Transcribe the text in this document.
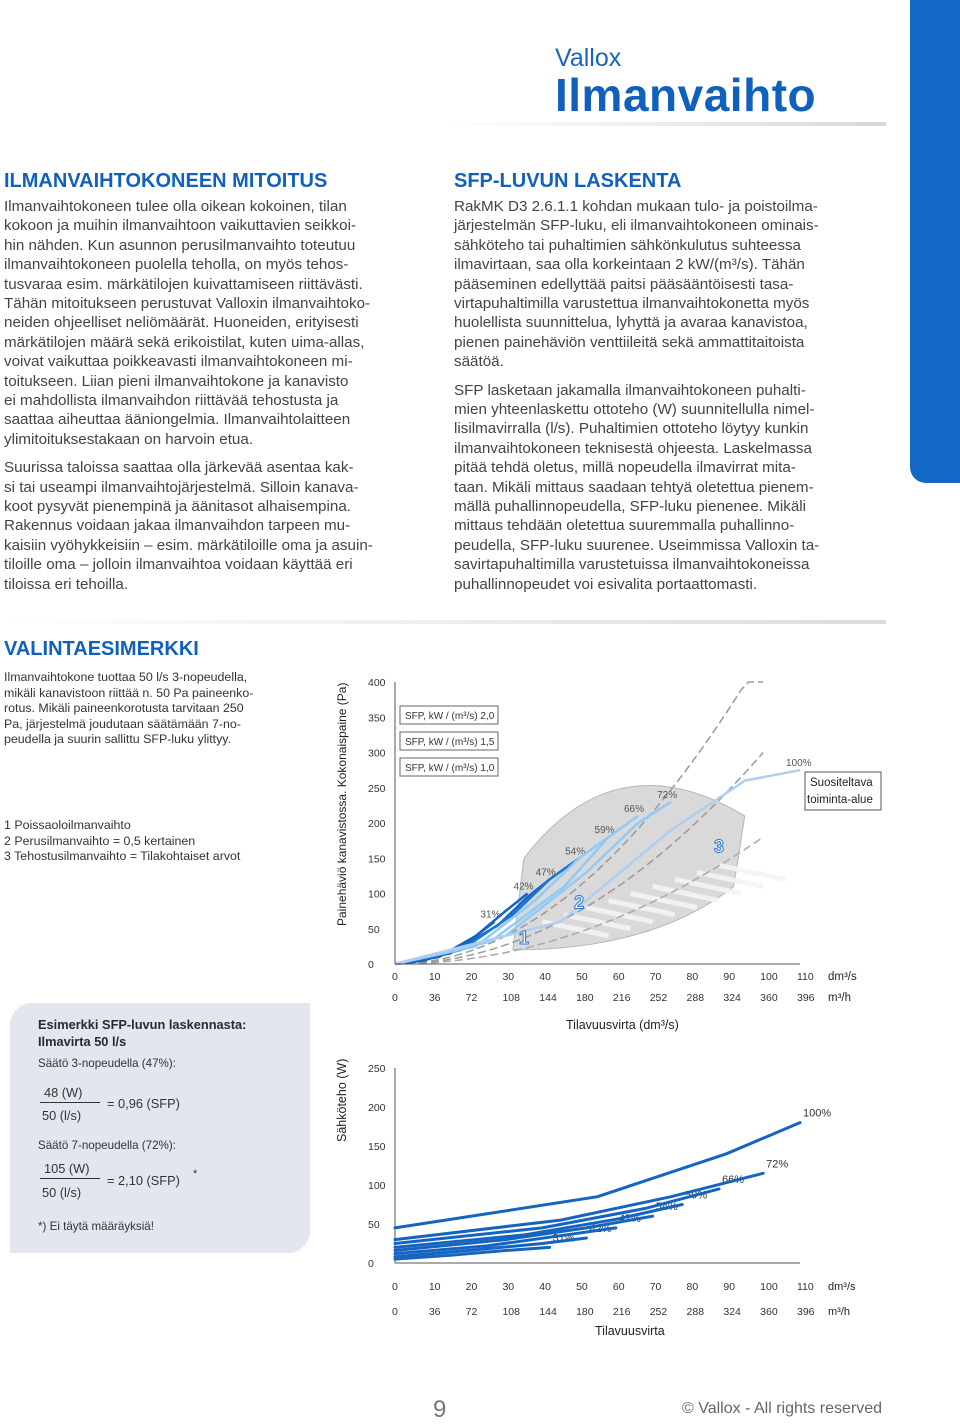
Vallox
Ilmanvaihto
ILMANVAIHTOKONEEN MITOITUS
Ilmanvaihtokoneen tulee olla oikean kokoinen, tilan
kokoon ja muihin ilmanvaihtoon vaikuttavien seikkoi-
hin nähden. Kun asunnon perusilmanvaihto toteutuu
ilmanvaihtokoneen puolella teholla, on myös tehos-
tusvaraa esim. märkätilojen kuivattamiseen riittävästi.
Tähän mitoitukseen perustuvat Valloxin ilmanvaihtoko-
neiden ohjeelliset neliömäärät. Huoneiden, erityisesti
märkätilojen määrä sekä erikoistilat, kuten uima-allas,
voivat vaikuttaa poikkeavasti ilmanvaihtokoneen mi-
toitukseen. Liian pieni ilmanvaihtokone ja kanavisto
ei mahdollista ilmanvaihdon riittävää tehostusta ja
saattaa aiheuttaa ääniongelmia. Ilmanvaihtolaitteen
ylimitoituksestakaan on harvoin etua.
Suurissa taloissa saattaa olla järkevää asentaa kak-
si tai useampi ilmanvaihtojärjestelmä. Silloin kanava-
koot pysyvät pienempinä ja äänitasot alhaisempina.
Rakennus voidaan jakaa ilmanvaihdon tarpeen mu-
kaisiin vyöhykkeisiin – esim. märkätiloille oma ja asuin-
tiloille oma – jolloin ilmanvaihtoa voidaan käyttää eri
tiloissa eri tehoilla.
SFP-LUVUN LASKENTA
RakMK D3 2.6.1.1 kohdan mukaan tulo- ja poistoilma-
järjestelmän SFP-luku, eli ilmanvaihtokoneen ominais-
sähköteho tai puhaltimien sähkönkulutus suhteessa
ilmavirtaan, saa olla korkeintaan 2 kW/(m³/s). Tähän
pääseminen edellyttää paitsi pääsääntöisesti tasa-
virtapuhaltimilla varustettua ilmanvaihtokonetta myös
huolellista suunnittelua, lyhyttä ja avaraa kanavistoa,
pienen painehäviön venttiileitä sekä ammattitaitoista
säätöä.
SFP lasketaan jakamalla ilmanvaihtokoneen puhalti-
mien yhteenlaskettu ottoteho (W) suunnitellulla nimel-
lisilmavirralla (l/s). Puhaltimien ottoteho löytyy kunkin
ilmanvaihtokoneen teknisestä ohjeesta. Laskelmassa
pitää tehdä oletus, millä nopeudella ilmavirrat mita-
taan. Mikäli mittaus saadaan tehtyä oletettua pienem-
mällä puhallinnopeudella, SFP-luku pienenee. Mikäli
mittaus tehdään oletettua suuremmalla puhallinno-
peudella, SFP-luku suurenee. Useimmissa Valloxin ta-
savirtapuhaltimilla varustetuissa ilmanvaihtokoneissa
puhallinnopeudet voi esivalita portaattomasti.
VALINTAESIMERKKI
Ilmanvaihtokone tuottaa 50 l/s 3-nopeudella,
mikäli kanavistoon riittää n. 50 Pa paineenko-
rotus. Mikäli paineenkorotusta tarvitaan 250
Pa, järjestelmä joudutaan säätämään 7-no-
peudella ja suurin sallittu SFP-luku ylittyy.
1 Poissaoloilmanvaihto
2 Perusilmanvaihto = 0,5 kertainen
3 Tehostusilmanvaihto = Tilakohtaiset arvot
Esimerkki SFP-luvun laskennasta:
Ilmavirta 50 l/s
Säätö 3-nopeudella (47%):
48 (W)
50 (l/s)
= 0,96 (SFP)
Säätö 7-nopeudella (72%):
105 (W)
50 (l/s)
= 2,10 (SFP) *
*) Ei täytä määräyksiä!
SFP, kW / (m³/s) 2,0
SFP, kW / (m³/s) 1,5
SFP, kW / (m³/s) 1,0
31%
42%
47%
54%
59%
66%
72%
100%
0
50
100
150
200
250
300
350
400
0	10 20 30 40 50 60 70 80 90 100 110
0	36 72 108 144 180 216 252 288 324 360 396
dm³/s
m³/h
Tilavuusvirta (dm³/s)
Painehäviö kanavistossa. Kokonaispaine (Pa)	Suositeltava
toiminta-alue
Suositeltava toiminta-alue
1
2
3
0
50
100
150
200
250
0	10 20 30 40 50 60 70 80 90 100 110
0	36 72 108 144 180 216 252 288 324 360 396
dm³/s
m³/h
Tilavuusvirta
Sähköteho (W)
31%
42%
47%
54%
59%
66%
72%
100%
9	© Vallox - All rights reserved
